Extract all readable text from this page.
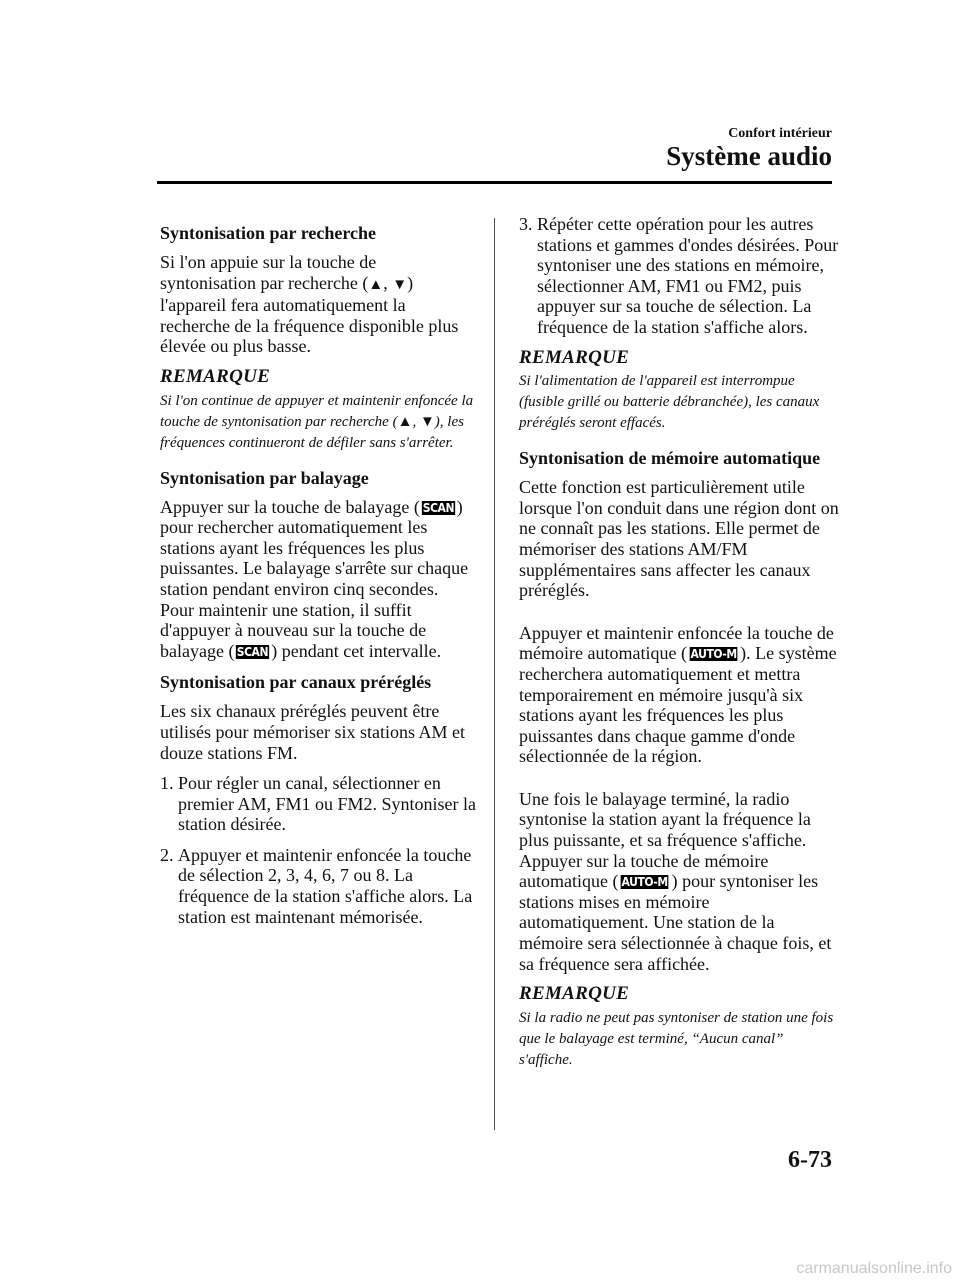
Confort intérieur
Système audio
Syntonisation par recherche

Si l'on appuie sur la touche de syntonisation par recherche (▲, ▼) l'appareil fera automatiquement la recherche de la fréquence disponible plus élevée ou plus basse.

REMARQUE
Si l'on continue de appuyer et maintenir enfoncée la touche de syntonisation par recherche (▲, ▼), les fréquences continueront de défiler sans s'arrêter.
Syntonisation par balayage

Appuyer sur la touche de balayage ( SCAN ) pour rechercher automatiquement les stations ayant les fréquences les plus puissantes. Le balayage s'arrête sur chaque station pendant environ cinq secondes. Pour maintenir une station, il suffit d'appuyer à nouveau sur la touche de balayage ( SCAN ) pendant cet intervalle.

Syntonisation par canaux préréglés

Les six chanaux préréglés peuvent être utilisés pour mémoriser six stations AM et douze stations FM.

1. Pour régler un canal, sélectionner en premier AM, FM1 ou FM2. Syntoniser la station désirée.
2. Appuyer et maintenir enfoncée la touche de sélection 2, 3, 4, 6, 7 ou 8. La fréquence de la station s'affiche alors. La station est maintenant mémorisée.
3. Répéter cette opération pour les autres stations et gammes d'ondes désirées. Pour syntoniser une des stations en mémoire, sélectionner AM, FM1 ou FM2, puis appuyer sur sa touche de sélection. La fréquence de la station s'affiche alors.
REMARQUE
Si l'alimentation de l'appareil est interrompue (fusible grillé ou batterie débranchée), les canaux préréglés seront effacés.
Syntonisation de mémoire automatique

Cette fonction est particulièrement utile lorsque l'on conduit dans une région dont on ne connaît pas les stations. Elle permet de mémoriser des stations AM/FM supplémentaires sans affecter les canaux préréglés.

Appuyer et maintenir enfoncée la touche de mémoire automatique ( AUTO-M ). Le système recherchera automatiquement et mettra temporairement en mémoire jusqu'à six stations ayant les fréquences les plus puissantes dans chaque gamme d'onde sélectionnée de la région.

Une fois le balayage terminé, la radio syntonise la station ayant la fréquence la plus puissante, et sa fréquence s'affiche. Appuyer sur la touche de mémoire automatique ( AUTO-M ) pour syntoniser les stations mises en mémoire automatiquement. Une station de la mémoire sera sélectionnée à chaque fois, et sa fréquence sera affichée.

REMARQUE
Si la radio ne peut pas syntoniser de station une fois que le balayage est terminé, “Aucun canal” s'affiche.
6-73
carmanualsonline.info
